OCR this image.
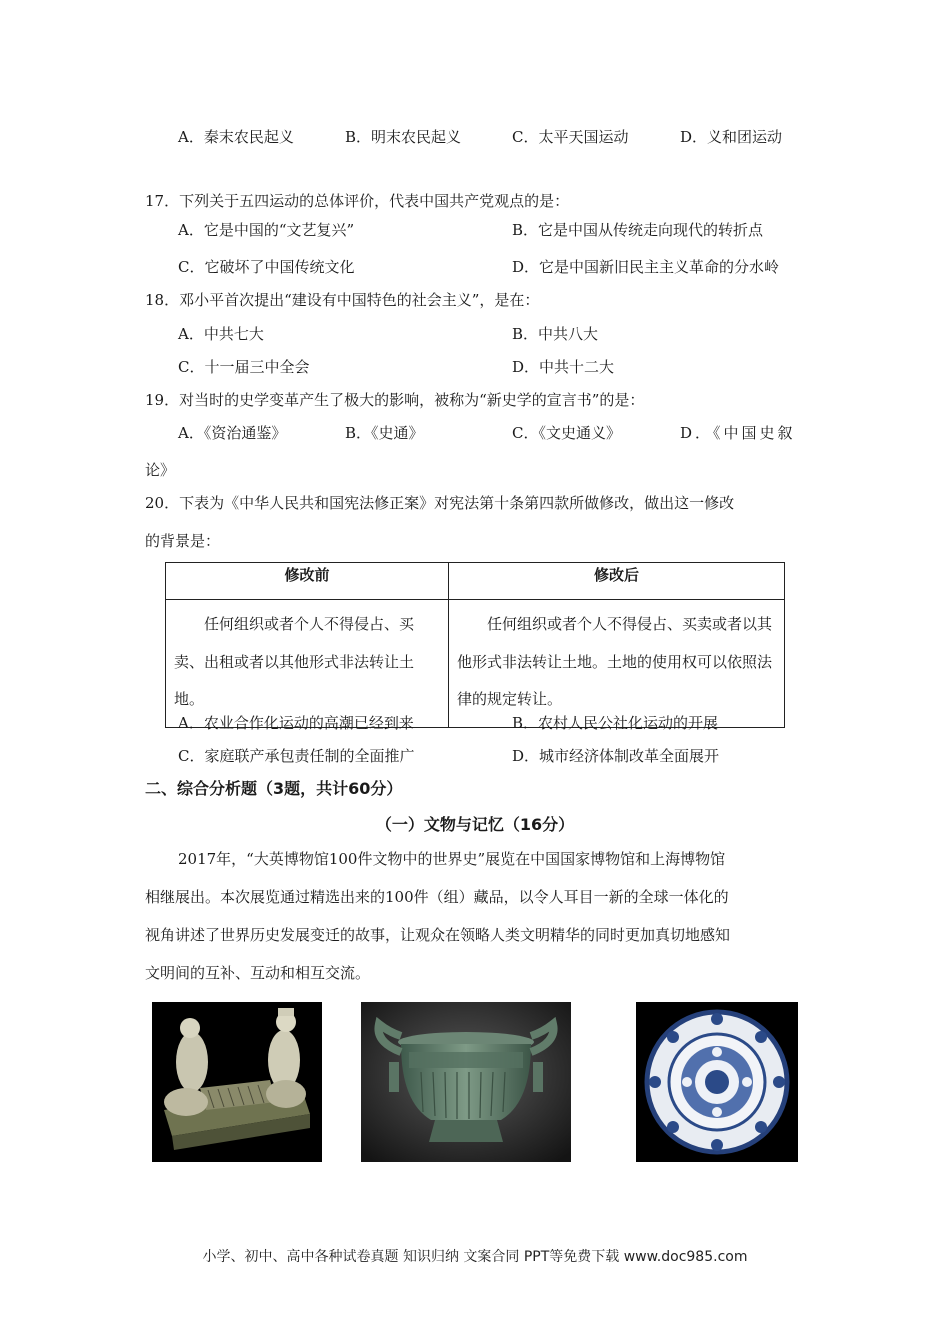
A．秦末农民起义	B．明末农民起义	C．太平天国运动	D．义和团运动
17．下列关于五四运动的总体评价，代表中国共产党观点的是：
A．它是中国的“文艺复兴”	B．它是中国从传统走向现代的转折点
C．它破坏了中国传统文化	D．它是中国新旧民主主义革命的分水岭
18．邓小平首次提出“建设有中国特色的社会主义”，是在：
A．中共七大	B．中共八大
C．十一届三中全会	D．中共十二大
19．对当时的史学变革产生了极大的影响，被称为“新史学的宣言书”的是：
A．《资治通鉴》	B．《史通》	C．《文史通义》	D．《中国史叙
论》
20．下表为《中华人民共和国宪法修正案》对宪法第十条第四款所做修改，做出这一修改
的背景是：
修改前	修改后
任何组织或者个人不得侵占、买卖、出租或者以其他形式非法转让土地。	任何组织或者个人不得侵占、买卖或者以其他形式非法转让土地。土地的使用权可以依照法律的规定转让。
A．农业合作化运动的高潮已经到来	B．农村人民公社化运动的开展
C．家庭联产承包责任制的全面推广	D．城市经济体制改革全面展开
二、综合分析题（3题，共计60分）
（一）文物与记忆（16分）
2017年，“大英博物馆100件文物中的世界史”展览在中国国家博物馆和上海博物馆
相继展出。本次展览通过精选出来的100件（组）藏品，以令人耳目一新的全球一体化的
视角讲述了世界历史发展变迁的故事，让观众在领略人类文明精华的同时更加真切地感知
文明间的互补、互动和相互交流。
小学、初中、高中各种试卷真题 知识归纳 文案合同 PPT等免费下载 www.doc985.com
